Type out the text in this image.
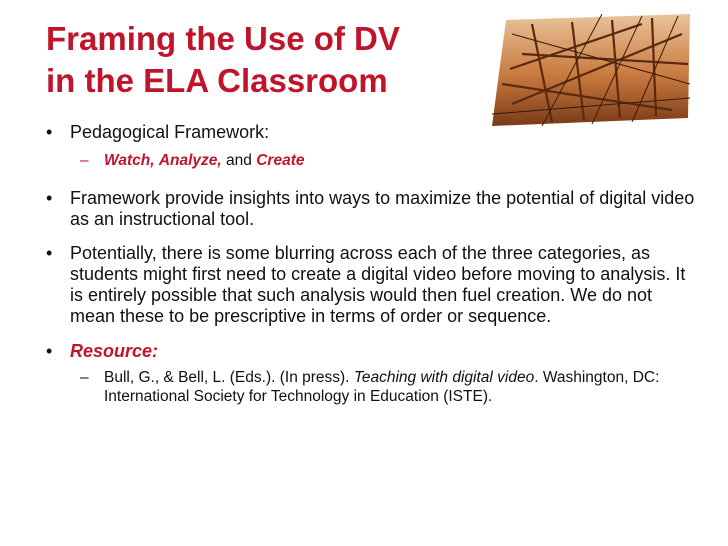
Framing the Use of DV
in the ELA Classroom
• Pedagogical Framework:
– Watch, Analyze, and Create
• Framework provide insights into ways to maximize the potential of digital video as an instructional tool.
• Potentially, there is some blurring across each of the three categories, as students might first need to create a digital video before moving to analysis. It is entirely possible that such analysis would then fuel creation. We do not mean these to be prescriptive in terms of order or sequence.
• Resource:
– Bull, G., & Bell, L. (Eds.). (In press). Teaching with digital video. Washington, DC: International Society for Technology in Education (ISTE).
